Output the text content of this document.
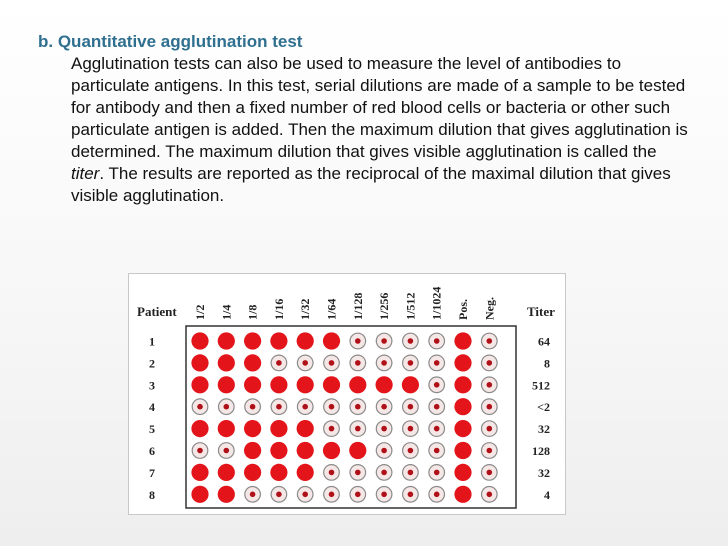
b. Quantitative agglutination test

Agglutination tests can also be used to measure the level of antibodies to particulate antigens. In this test, serial dilutions are made of a sample to be tested for antibody and then a fixed number of red blood cells or bacteria or other such particulate antigen is added. Then the maximum dilution that gives agglutination is determined. The maximum dilution that gives visible agglutination is called the titer. The results are reported as the reciprocal of the maximal dilution that gives visible agglutination.

Patient 1/2 1/4 1/8 1/16 1/32 1/64 1/128 1/256 1/512 1/1024 Pos. Neg. Titer
1	64
2	8
3	512
4	<2
5	32
6	128
7	32
8	4
